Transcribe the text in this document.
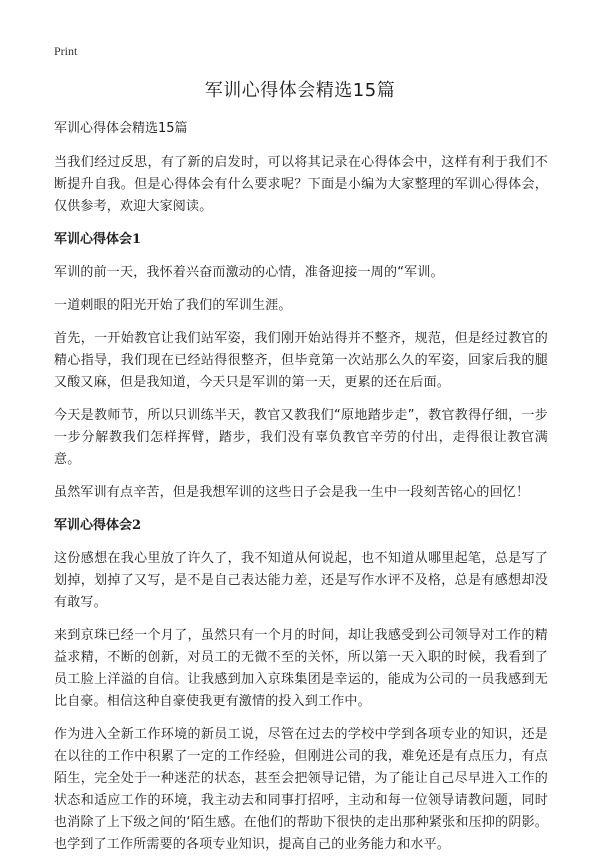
Print
军训心得体会精选15篇

军训心得体会精选15篇

当我们经过反思，有了新的启发时，可以将其记录在心得体会中，这样有利于我们不断提升自我。但是心得体会有什么要求呢？下面是小编为大家整理的军训心得体会，仅供参考，欢迎大家阅读。

军训心得体会1

军训的前一天，我怀着兴奋而激动的心情，准备迎接一周的“军训。

一道刺眼的阳光开始了我们的军训生涯。

首先，一开始教官让我们站军姿，我们刚开始站得并不整齐，规范，但是经过教官的精心指导，我们现在已经站得很整齐，但毕竟第一次站那么久的军姿，回家后我的腿又酸又麻，但是我知道，今天只是军训的第一天，更累的还在后面。

今天是教师节，所以只训练半天，教官又教我们“原地踏步走”，教官教得仔细，一步一步分解教我们怎样挥臂，踏步，我们没有辜负教官辛劳的付出，走得很让教官满意。

虽然军训有点辛苦，但是我想军训的这些日子会是我一生中一段刻苦铭心的回忆！

军训心得体会2

这份感想在我心里放了许久了，我不知道从何说起，也不知道从哪里起笔，总是写了划掉，划掉了又写，是不是自己表达能力差，还是写作水评不及格，总是有感想却没有敢写。

来到京珠已经一个月了，虽然只有一个月的时间，却让我感受到公司领导对工作的精益求精，不断的创新，对员工的无微不至的关怀，所以第一天入职的时候，我看到了员工脸上洋溢的自信。让我感到加入京珠集团是幸运的，能成为公司的一员我感到无比自豪。相信这种自豪使我更有激情的投入到工作中。

作为进入全新工作环境的新员工说，尽管在过去的学校中学到各项专业的知识，还是在以往的工作中积累了一定的工作经验，但刚进公司的我，难免还是有点压力，有点陌生，完全处于一种迷茫的状态，甚至会把领导记错，为了能让自己尽早进入工作的状态和适应工作的环境，我主动去和同事打招呼，主动和每一位领导请教问题，同时也消除了上下级之间的‘陌生感。在他们的帮助下很快的走出那种紧张和压抑的阴影。也学到了工作所需要的各项专业知识，提高自己的业务能力和水平。
